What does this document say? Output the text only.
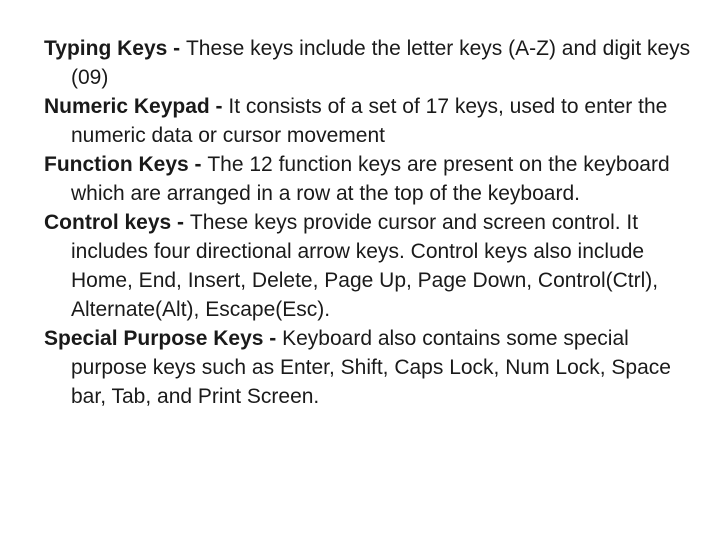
Typing Keys - These keys include the letter keys (A-Z) and digit keys (09)

Numeric Keypad - It consists of a set of 17 keys, used to enter the numeric data or cursor movement

Function Keys - The 12 function keys are present on the keyboard which are arranged in a row at the top of the keyboard.

Control keys - These keys provide cursor and screen control. It includes four directional arrow keys. Control keys also include Home, End, Insert, Delete, Page Up, Page Down, Control(Ctrl), Alternate(Alt), Escape(Esc).

Special Purpose Keys - Keyboard also contains some special purpose keys such as Enter, Shift, Caps Lock, Num Lock, Space bar, Tab, and Print Screen.
